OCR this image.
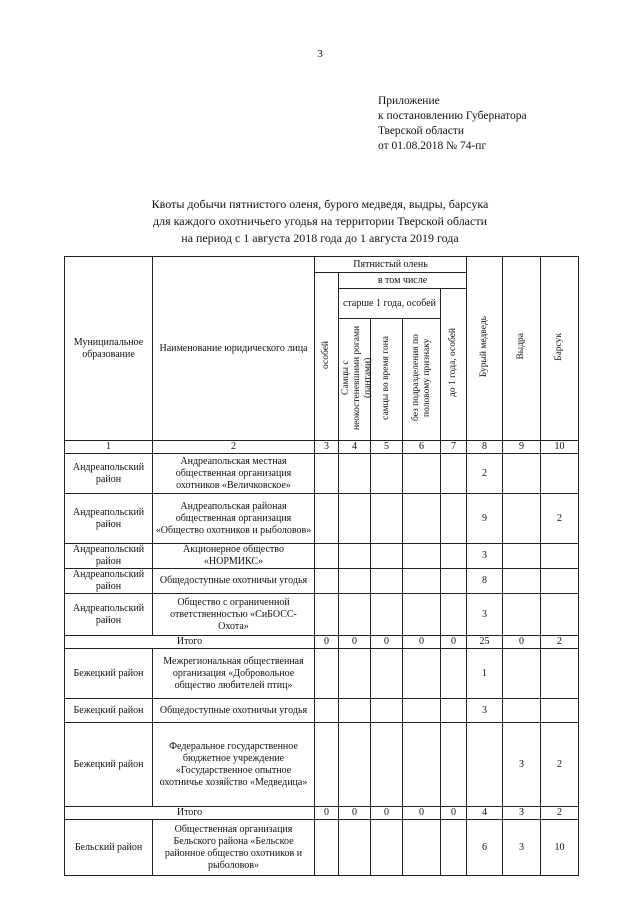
3
Приложение
к постановлению Губернатора
Тверской области
от 01.08.2018 № 74-пг
Квоты добычи пятнистого оленя, бурого медведя, выдры, барсука
для каждого охотничьего угодья на территории Тверской области
на период с 1 августа 2018 года до 1 августа 2019 года
Муниципальное образование	Наименование юридического лица	Пятнистый олень					Бурый медведь	Выдра	Барсук
		особей	в том числе						
			старше 1 года, особей			до 1 года, особей			
			Самцы с неокостеневшими рогами (пантами)	самцы во время гона	без подразделения по половому признаку				
1	2	3	4	5	6	7	8	9	10
Андреапольский район	Андреапольская местная общественная организация охотников «Величковское»						2		
Андреапольский район	Андреапольская районая общественная организация «Общество охотников и рыболовов»						9		2
Андреапольский район	Акционерное общество «НОРМИКС»						3		
Андреапольский район	Общедоступные охотничьи угодья						8		
Андреапольский район	Общество с ограниченной ответственностью «СиБОСС-Охота»						3		
Итого		0	0	0	0	0	25	0	2
Бежецкий район	Межрегиональная общественная организация «Добровольное общество любителей птиц»						1		
Бежецкий район	Общедоступные охотничьи угодья						3		
Бежецкий район	Федеральное государственное бюджетное учреждение «Государственное опытное охотничье хозяйство «Медведица»							3	2
Итого		0	0	0	0	0	4	3	2
Бельский район	Общественная организация Бельского района «Бельское районное общество охотников и рыболовов»						6	3	10
